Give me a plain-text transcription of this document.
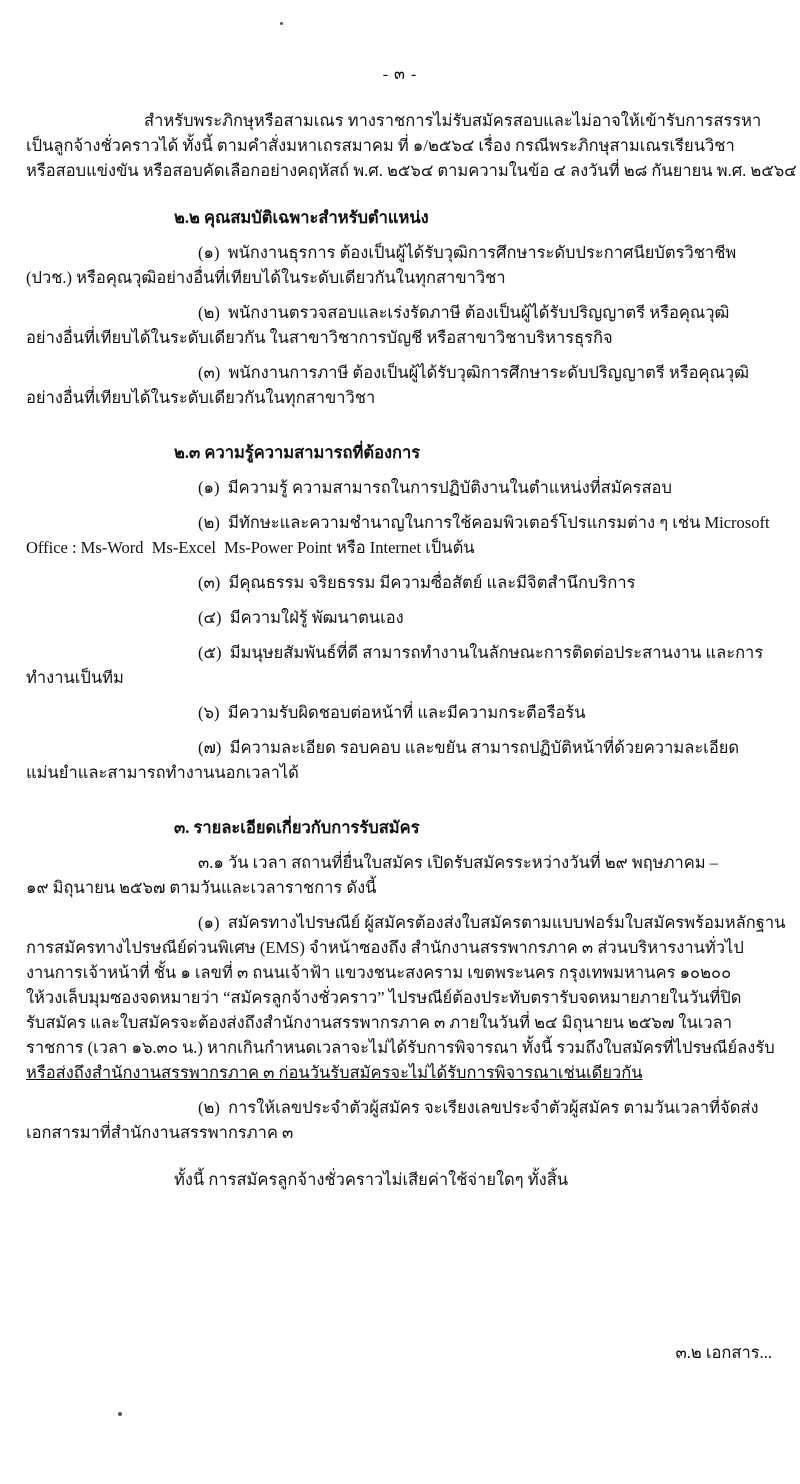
- ๓ -

สำหรับพระภิกษุหรือสามเณร ทางราชการไม่รับสมัครสอบและไม่อาจให้เข้ารับการสรรหา
เป็นลูกจ้างชั่วคราวได้ ทั้งนี้ ตามคำสั่งมหาเถรสมาคม ที่ ๑/๒๕๖๔ เรื่อง กรณีพระภิกษุสามเณรเรียนวิชา
หรือสอบแข่งขัน หรือสอบคัดเลือกอย่างคฤหัสถ์ พ.ศ. ๒๕๖๔ ตามความในข้อ ๔ ลงวันที่ ๒๘ กันยายน พ.ศ. ๒๕๖๔

๒.๒ คุณสมบัติเฉพาะสำหรับตำแหน่ง

(๑)  พนักงานธุรการ ต้องเป็นผู้ได้รับวุฒิการศึกษาระดับประกาศนียบัตรวิชาชีพ
(ปวช.) หรือคุณวุฒิอย่างอื่นที่เทียบได้ในระดับเดียวกันในทุกสาขาวิชา

(๒)  พนักงานตรวจสอบและเร่งรัดภาษี ต้องเป็นผู้ได้รับปริญญาตรี หรือคุณวุฒิ
อย่างอื่นที่เทียบได้ในระดับเดียวกัน ในสาขาวิชาการบัญชี หรือสาขาวิชาบริหารธุรกิจ

(๓)  พนักงานการภาษี ต้องเป็นผู้ได้รับวุฒิการศึกษาระดับปริญญาตรี หรือคุณวุฒิ
อย่างอื่นที่เทียบได้ในระดับเดียวกันในทุกสาขาวิชา

๒.๓ ความรู้ความสามารถที่ต้องการ

(๑)  มีความรู้ ความสามารถในการปฏิบัติงานในตำแหน่งที่สมัครสอบ

(๒)  มีทักษะและความชำนาญในการใช้คอมพิวเตอร์โปรแกรมต่าง ๆ เช่น Microsoft
Office : Ms-Word  Ms-Excel  Ms-Power Point หรือ Internet เป็นต้น

(๓)  มีคุณธรรม จริยธรรม มีความซื่อสัตย์ และมีจิตสำนึกบริการ

(๔)  มีความใฝ่รู้ พัฒนาตนเอง

(๕)  มีมนุษยสัมพันธ์ที่ดี สามารถทำงานในลักษณะการติดต่อประสานงาน และการ
ทำงานเป็นทีม

(๖)  มีความรับผิดชอบต่อหน้าที่ และมีความกระตือรือร้น

(๗)  มีความละเอียด รอบคอบ และขยัน สามารถปฏิบัติหน้าที่ด้วยความละเอียด
แม่นยำและสามารถทำงานนอกเวลาได้

๓. รายละเอียดเกี่ยวกับการรับสมัคร

๓.๑ วัน เวลา สถานที่ยื่นใบสมัคร เปิดรับสมัครระหว่างวันที่ ๒๙ พฤษภาคม –
๑๙ มิถุนายน ๒๕๖๗ ตามวันและเวลาราชการ ดังนี้

(๑)  สมัครทางไปรษณีย์ ผู้สมัครต้องส่งใบสมัครตามแบบฟอร์มใบสมัครพร้อมหลักฐาน
การสมัครทางไปรษณีย์ด่วนพิเศษ (EMS) จำหน้าซองถึง สำนักงานสรรพากรภาค ๓ ส่วนบริหารงานทั่วไป
งานการเจ้าหน้าที่ ชั้น ๑ เลขที่ ๓ ถนนเจ้าฟ้า แขวงชนะสงคราม เขตพระนคร กรุงเทพมหานคร ๑๐๒๐๐
ให้วงเล็บมุมซองจดหมายว่า “สมัครลูกจ้างชั่วคราว” ไปรษณีย์ต้องประทับตรารับจดหมายภายในวันที่ปิด
รับสมัคร และใบสมัครจะต้องส่งถึงสำนักงานสรรพากรภาค ๓ ภายในวันที่ ๒๔ มิถุนายน ๒๕๖๗ ในเวลา
ราชการ (เวลา ๑๖.๓๐ น.) หากเกินกำหนดเวลาจะไม่ได้รับการพิจารณา ทั้งนี้ รวมถึงใบสมัครที่ไปรษณีย์ลงรับ
หรือส่งถึงสำนักงานสรรพากรภาค ๓ ก่อนวันรับสมัครจะไม่ได้รับการพิจารณาเช่นเดียวกัน

(๒)  การให้เลขประจำตัวผู้สมัคร จะเรียงเลขประจำตัวผู้สมัคร ตามวันเวลาที่จัดส่ง
เอกสารมาที่สำนักงานสรรพากรภาค ๓

ทั้งนี้ การสมัครลูกจ้างชั่วคราวไม่เสียค่าใช้จ่ายใดๆ ทั้งสิ้น

๓.๒ เอกสาร...
